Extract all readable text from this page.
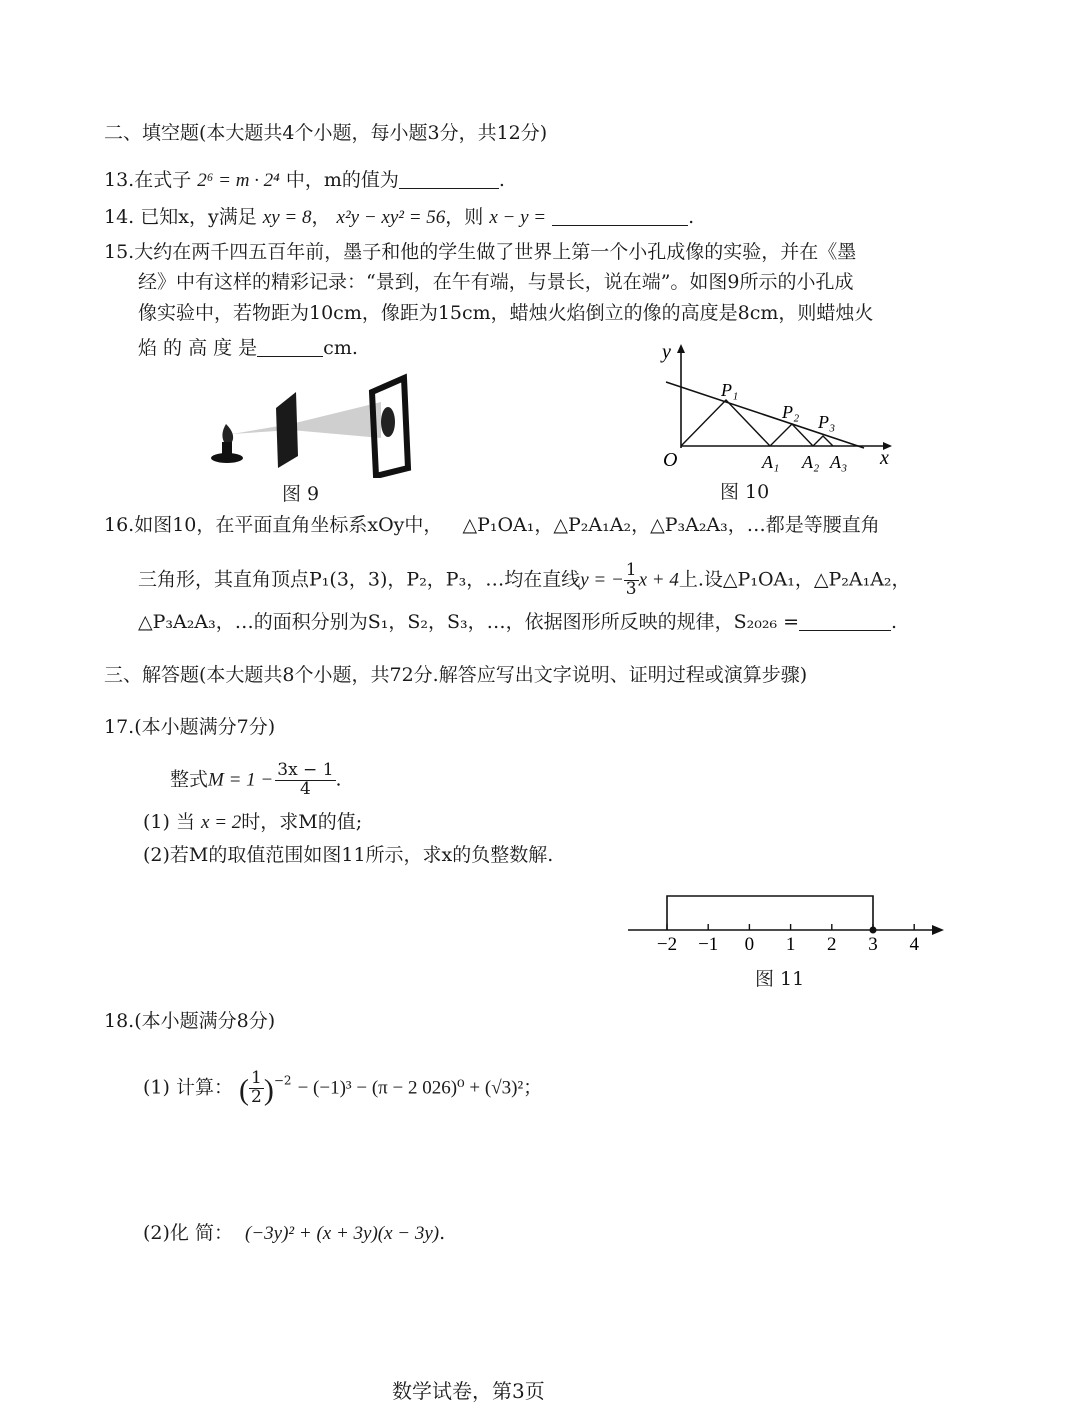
二、填空题(本大题共4个小题，每小题3分，共12分)
13.在式子 2⁶ = m · 2⁴ 中，m的值为	.
14. 已知x，y满足 xy = 8， x²y − xy² = 56，则 x − y =	.
15.大约在两千四五百年前，墨子和他的学生做了世界上第一个小孔成像的实验，并在《墨
经》中有这样的精彩记录：“景到，在午有端，与景长，说在端”。如图9所示的小孔成
像实验中，若物距为10cm，像距为15cm，蜡烛火焰倒立的像的高度是8cm，则蜡烛火
焰 的 高 度 是	cm.
图 9
y
x
O
P₁
P₂ P₃
A₁ A₂ A₃
图 10
16.如图10，在平面直角坐标系xOy中， △P₁OA₁，△P₂A₁A₂，△P₃A₂A₃，…都是等腰直角
三角形，其直角顶点P₁(3，3)，P₂，P₃，…均在直线y = − $\frac{1}{3}$ x + 4上.设△P₁OA₁，△P₂A₁A₂，
△P₃A₂A₃，…的面积分别为S₁，S₂，S₃，…，依据图形所反映的规律，S₂₀₂₆ =	.
三、解答题(本大题共8个小题，共72分.解答应写出文字说明、证明过程或演算步骤)
17.(本小题满分7分)
整式$M = 1 - \frac{3x - 1}{4}$ .
(1) 当 x = 2时，求M的值;
(2)若M的取值范围如图11所示，求x的负整数解.
−2 −1 0 1 2 3 4
图 11
18.(本小题满分8分)
(1) 计算： ( $\frac{1}{2} )^{-2} - (-1)^3 - (\pi - 2$ 026)⁰ + (√3)²；
(2)化 简： (−3y)² + (x + 3y)(x − 3y).
数学试卷，第3页
